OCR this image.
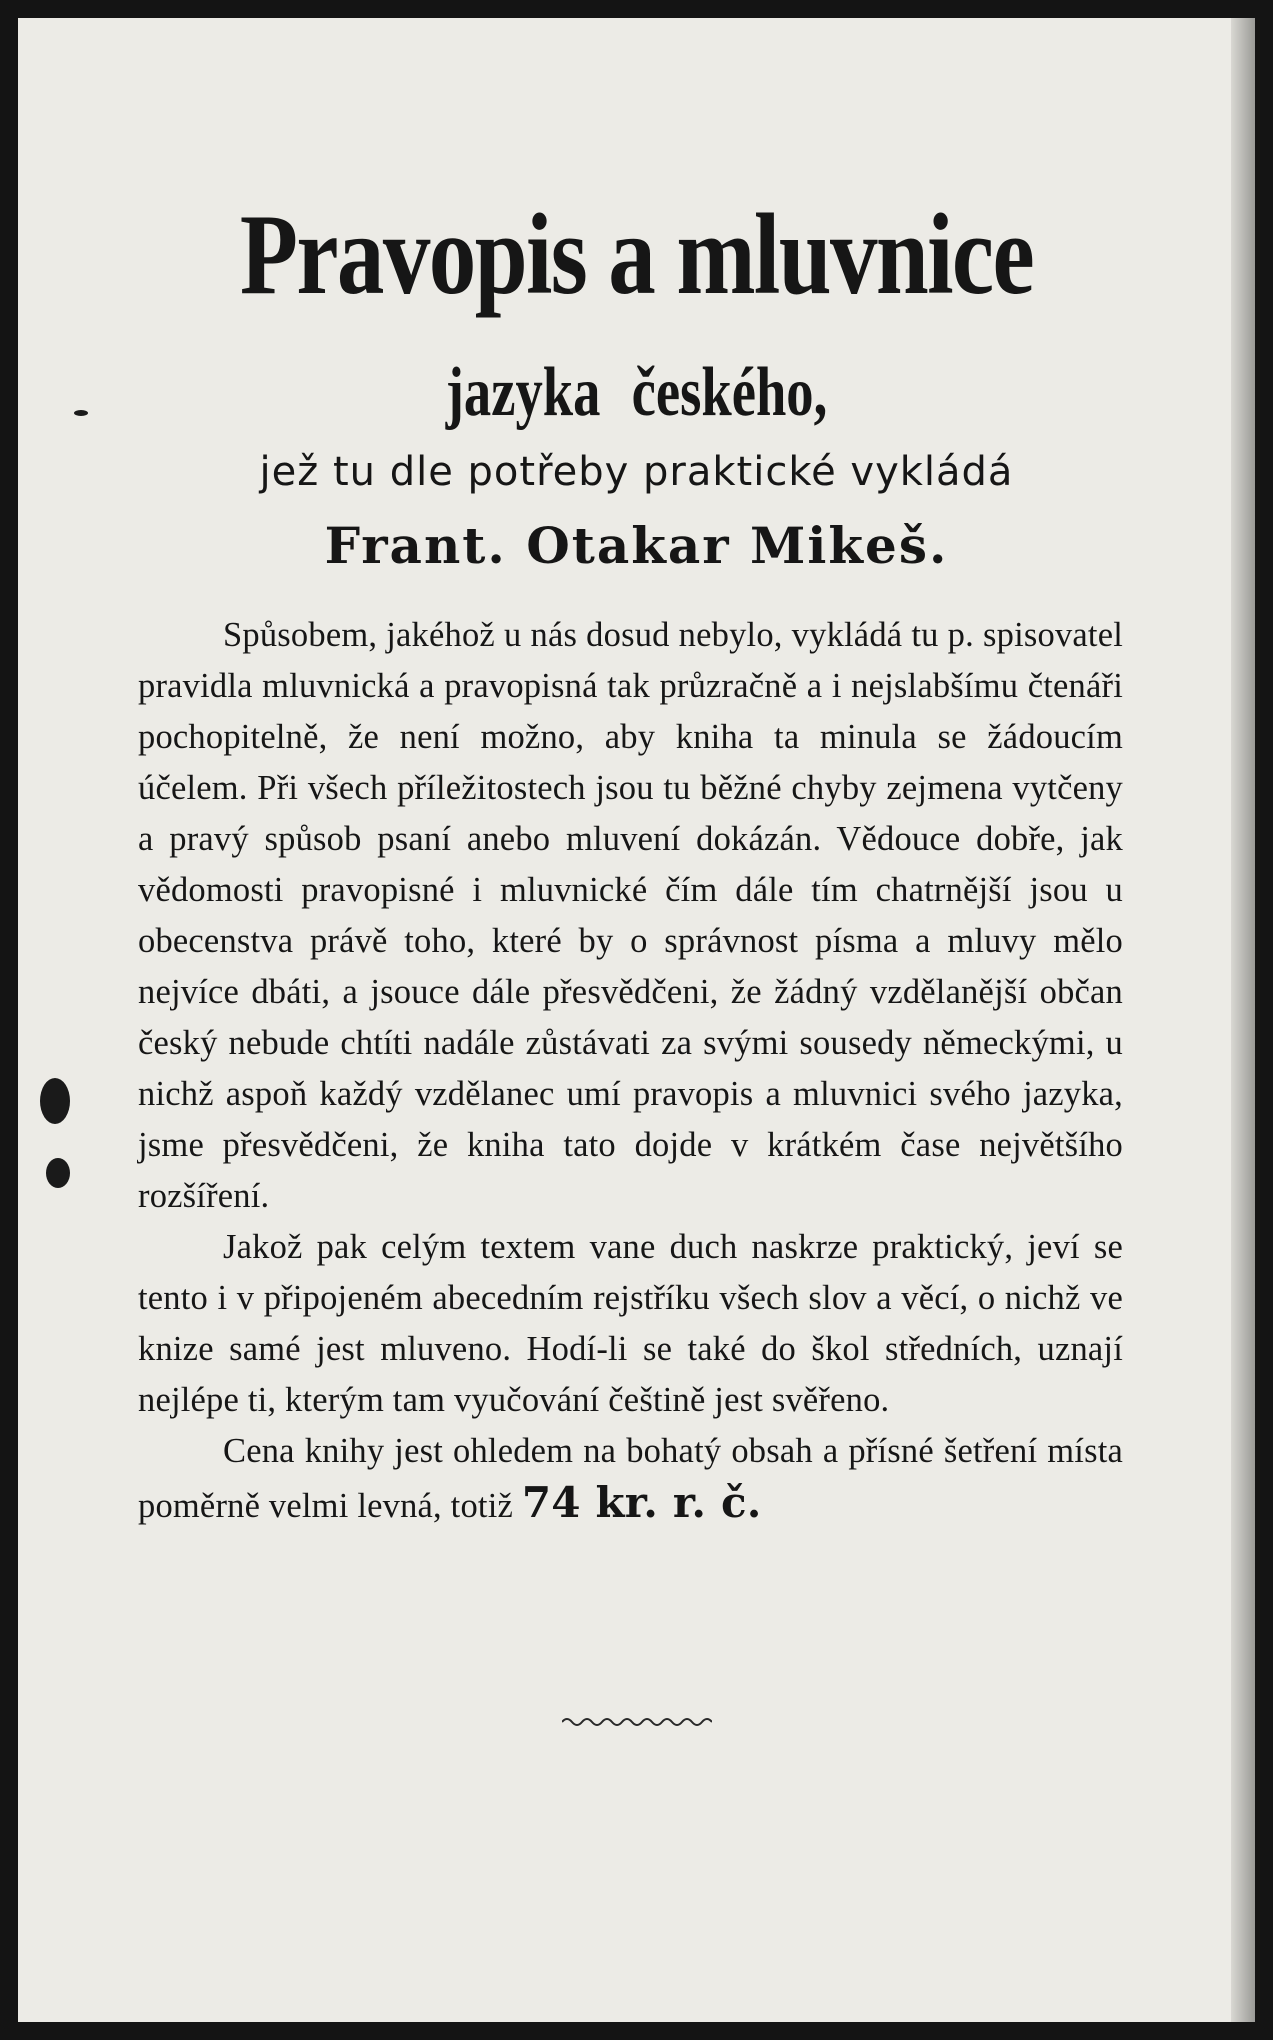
Pravopis a mluvnice
jazyka českého,

jež tu dle potřeby praktické vykládá

Frant. Otakar Mikeš.

Spůsobem, jakéhož u nás dosud nebylo, vykládá tu p. spisovatel pravidla mluvnická a pravopisná tak průzračně a i nejslabšímu čtenáři pochopitelně, že není možno, aby kniha ta minula se žádoucím účelem. Při všech příležitostech jsou tu běžné chyby zejmena vytčeny a pravý spůsob psaní anebo mluvení dokázán. Vědouce dobře, jak vědomosti pravopisné i mluvnické čím dále tím chatrnější jsou u obecenstva právě toho, které by o správnost písma a mluvy mělo nejvíce dbáti, a jsouce dále přesvědčeni, že žádný vzdělanější občan český nebude chtíti nadále zůstávati za svými sousedy německými, u nichž aspoň každý vzdělanec umí pravopis a mluvnici svého jazyka, jsme přesvědčeni, že kniha tato dojde v krátkém čase největšího rozšíření.

Jakož pak celým textem vane duch naskrze praktický, jeví se tento i v připojeném abecedním rejstříku všech slov a věcí, o nichž ve knize samé jest mluveno. Hodí-li se také do škol středních, uznají nejlépe ti, kterým tam vyučování češtině jest svěřeno.

Cena knihy jest ohledem na bohatý obsah a přísné šetření místa poměrně velmi levná, totiž 74 kr. r. č.
